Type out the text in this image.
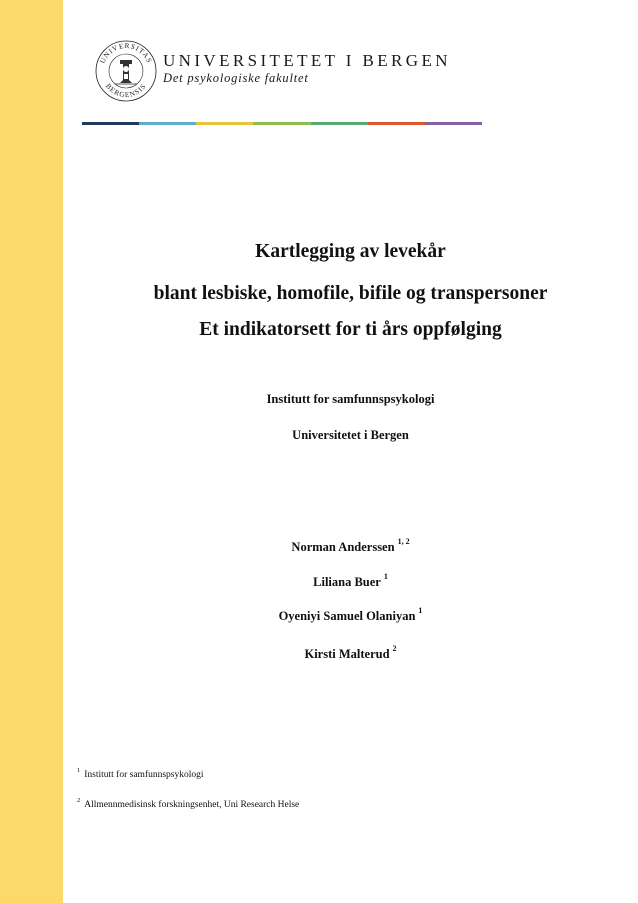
UNIVERSITAS
BERGENSIS
UNIVERSITETET I BERGEN
Det psykologiske fakultet
Kartlegging av levekår
blant lesbiske, homofile, bifile og transpersoner
Et indikatorsett for ti års oppfølging
Institutt for samfunnspsykologi
Universitetet i Bergen
Norman Anderssen $^{1, 2}$
Liliana Buer $^1$
Oyeniyi Samuel Olaniyan $^1$
Kirsti Malterud $^2$
$^1$ Institutt for samfunnspsykologi
$^2$ Allmennmedisinsk forskningsenhet, Uni Research Helse
